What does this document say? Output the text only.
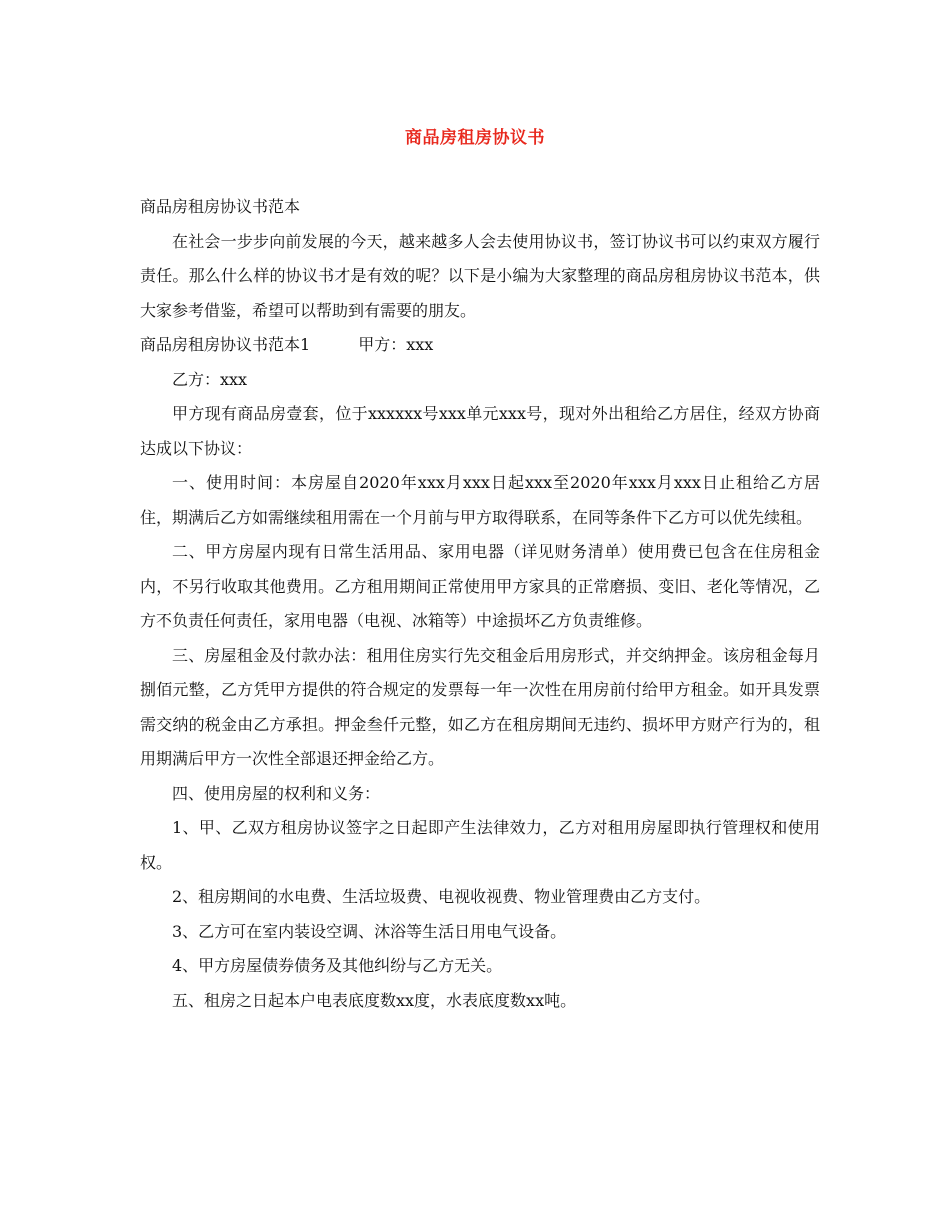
商品房租房协议书

商品房租房协议书范本

在社会一步步向前发展的今天，越来越多人会去使用协议书，签订协议书可以约束双方履行责任。那么什么样的协议书才是有效的呢？以下是小编为大家整理的商品房租房协议书范本，供大家参考借鉴，希望可以帮助到有需要的朋友。

商品房租房协议书范本1	甲方：xxx

乙方：xxx

甲方现有商品房壹套，位于xxxxxx号xxx单元xxx号，现对外出租给乙方居住，经双方协商达成以下协议：

一、使用时间：本房屋自2020年xxx月xxx日起xxx至2020年xxx月xxx日止租给乙方居住，期满后乙方如需继续租用需在一个月前与甲方取得联系，在同等条件下乙方可以优先续租。

二、甲方房屋内现有日常生活用品、家用电器（详见财务清单）使用费已包含在住房租金内，不另行收取其他费用。乙方租用期间正常使用甲方家具的正常磨损、变旧、老化等情况，乙方不负责任何责任，家用电器（电视、冰箱等）中途损坏乙方负责维修。

三、房屋租金及付款办法：租用住房实行先交租金后用房形式，并交纳押金。该房租金每月捌佰元整，乙方凭甲方提供的符合规定的发票每一年一次性在用房前付给甲方租金。如开具发票需交纳的税金由乙方承担。押金叁仟元整，如乙方在租房期间无违约、损坏甲方财产行为的，租用期满后甲方一次性全部退还押金给乙方。

四、使用房屋的权利和义务：

1、甲、乙双方租房协议签字之日起即产生法律效力，乙方对租用房屋即执行管理权和使用权。

2、租房期间的水电费、生活垃圾费、电视收视费、物业管理费由乙方支付。

3、乙方可在室内装设空调、沐浴等生活日用电气设备。

4、甲方房屋债券债务及其他纠纷与乙方无关。

五、租房之日起本户电表底度数xx度，水表底度数xx吨。
